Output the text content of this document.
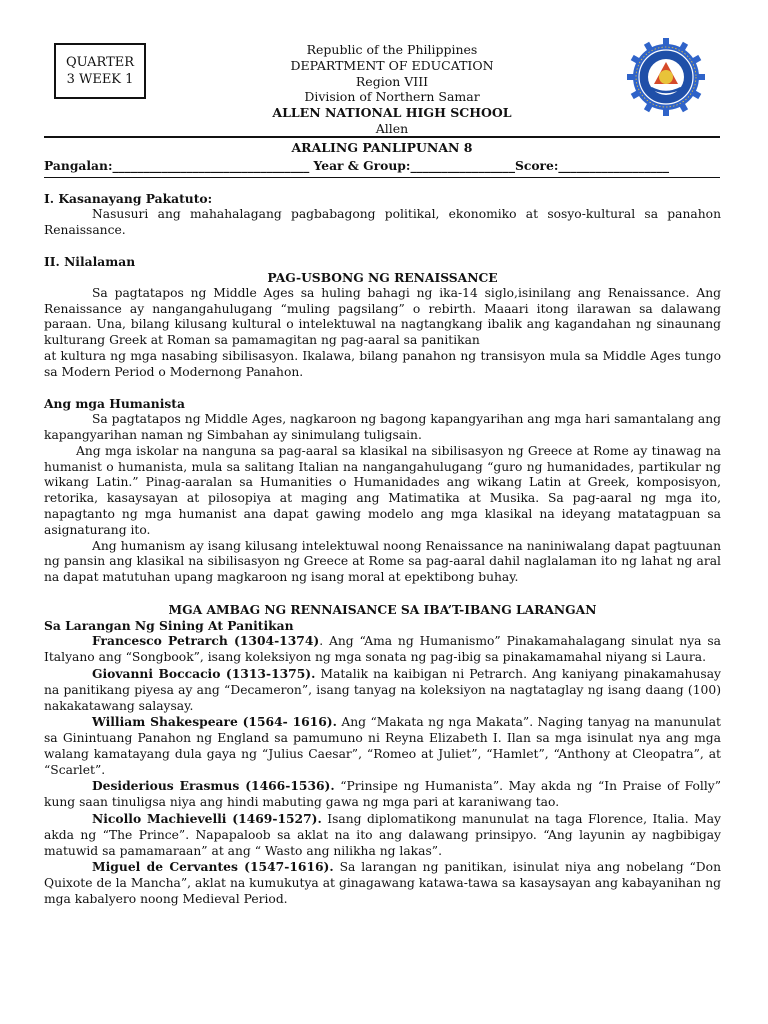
QUARTER
3 WEEK 1
Republic of the Philippines
DEPARTMENT OF EDUCATION
Region VIII
Division of Northern Samar
ALLEN NATIONAL HIGH SCHOOL
Allen
ARALING PANLIPUNAN 8
Pangalan:________________________________ Year & Group:_________________Score:__________________

I. Kasanayang Pakatuto:

Nasusuri ang mahahalagang pagbabagong politikal, ekonomiko at sosyo-kultural sa panahon Renaissance.

II. Nilalaman

PAG-USBONG NG RENAISSANCE

Sa pagtatapos ng Middle Ages sa huling bahagi ng ika-14 siglo,isinilang ang Renaissance. Ang Renaissance ay nangangahulugang “muling pagsilang” o rebirth. Maaari itong ilarawan sa dalawang paraan. Una, bilang kilusang kultural o intelektuwal na nagtangkang ibalik ang kagandahan ng sinaunang kulturang Greek at Roman sa pamamagitan ng pag-aaral sa panitikan

at kultura ng mga nasabing sibilisasyon. Ikalawa, bilang panahon ng transisyon mula sa Middle Ages tungo sa Modern Period o Modernong Panahon.

Ang mga Humanista

Sa pagtatapos ng Middle Ages, nagkaroon ng bagong kapangyarihan ang mga hari samantalang ang kapangyarihan naman ng Simbahan ay sinimulang tuligsain.

Ang mga iskolar na nanguna sa pag-aaral sa klasikal na sibilisasyon ng Greece at Rome ay tinawag na humanist o humanista, mula sa salitang Italian na nangangahulugang “guro ng humanidades, partikular ng wikang Latin.” Pinag-aaralan sa Humanities o Humanidades ang wikang Latin at Greek, komposisyon, retorika, kasaysayan at pilosopiya at maging ang Matimatika at Musika. Sa pag-aaral ng mga ito, napagtanto ng mga humanist ana dapat gawing modelo ang mga klasikal na ideyang matatagpuan sa asignaturang ito.

Ang humanism ay isang kilusang intelektuwal noong Renaissance na naniniwalang dapat pagtuunan ng pansin ang klasikal na sibilisasyon ng Greece at Rome sa pag-aaral dahil naglalaman ito ng lahat ng aral na dapat matutuhan upang magkaroon ng isang moral at epektibong buhay.

MGA AMBAG NG RENNAISANCE SA IBA’T-IBANG LARANGAN

Sa Larangan Ng Sining At Panitikan

Francesco Petrarch (1304-1374). Ang “Ama ng Humanismo” Pinakamahalagang sinulat nya sa Italyano ang “Songbook”, isang koleksiyon ng mga sonata ng pag-ibig sa pinakamamahal niyang si Laura.

Giovanni Boccacio (1313-1375). Matalik na kaibigan ni Petrarch. Ang kaniyang pinakamahusay na panitikang piyesa ay ang “Decameron”, isang tanyag na koleksiyon na nagtataglay ng isang daang (100) nakakatawang salaysay.

William Shakespeare (1564- 1616). Ang “Makata ng nga Makata”. Naging tanyag na manunulat sa Ginintuang Panahon ng England sa pamumuno ni Reyna Elizabeth I. Ilan sa mga isinulat nya ang mga walang kamatayang dula gaya ng “Julius Caesar”, “Romeo at Juliet”, “Hamlet”, “Anthony at Cleopatra”, at “Scarlet”.

Desiderious Erasmus (1466-1536). “Prinsipe ng Humanista”. May akda ng “In Praise of Folly” kung saan tinuligsa niya ang hindi mabuting gawa ng mga pari at karaniwang tao.

Nicollo Machievelli (1469-1527). Isang diplomatikong manunulat na taga Florence, Italia. May akda ng “The Prince”. Napapaloob sa aklat na ito ang dalawang prinsipyo. “Ang layunin ay nagbibigay matuwid sa pamamaraan” at ang “ Wasto ang nilikha ng lakas”.

Miguel de Cervantes (1547-1616). Sa larangan ng panitikan, isinulat niya ang nobelang “Don Quixote de la Mancha”, aklat na kumukutya at ginagawang katawa-tawa sa kasaysayan ang kabayanihan ng mga kabalyero noong Medieval Period.
